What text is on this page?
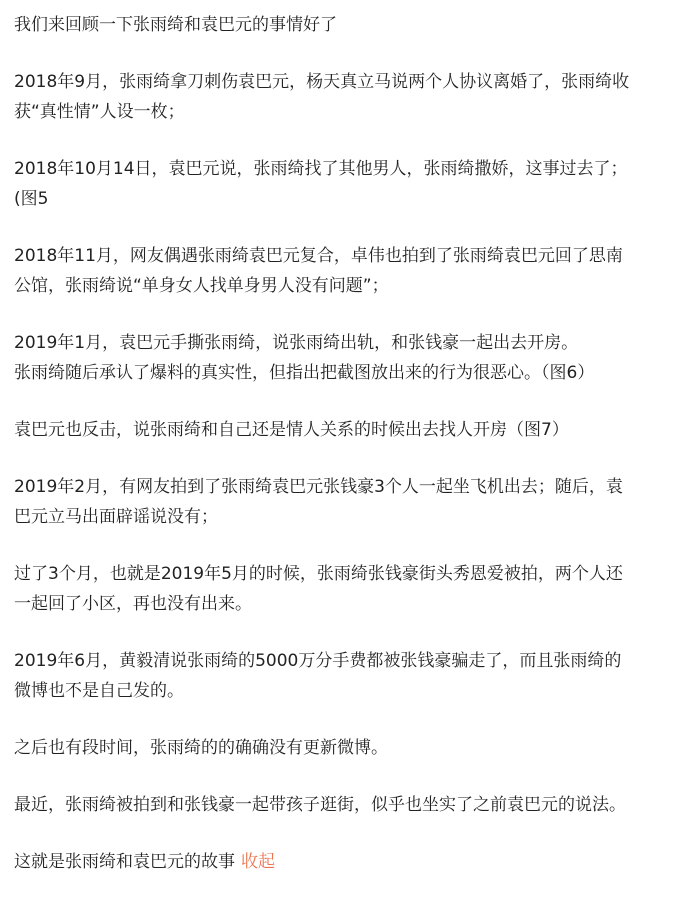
我们来回顾一下张雨绮和袁巴元的事情好了

2018年9月，张雨绮拿刀刺伤袁巴元，杨天真立马说两个人协议离婚了，张雨绮收
获“真性情”人设一枚；

2018年10月14日，袁巴元说，张雨绮找了其他男人，张雨绮撒娇，这事过去了；
(图5

2018年11月，网友偶遇张雨绮袁巴元复合，卓伟也拍到了张雨绮袁巴元回了思南
公馆，张雨绮说“单身女人找单身男人没有问题”；

2019年1月，袁巴元手撕张雨绮，说张雨绮出轨，和张钱豪一起出去开房。
张雨绮随后承认了爆料的真实性，但指出把截图放出来的行为很恶心。（图6）

袁巴元也反击，说张雨绮和自己还是情人关系的时候出去找人开房（图7）

2019年2月，有网友拍到了张雨绮袁巴元张钱豪3个人一起坐飞机出去；随后，袁
巴元立马出面辟谣说没有；

过了3个月，也就是2019年5月的时候，张雨绮张钱豪街头秀恩爱被拍，两个人还
一起回了小区，再也没有出来。

2019年6月，黄毅清说张雨绮的5000万分手费都被张钱豪骗走了，而且张雨绮的
微博也不是自己发的。

之后也有段时间，张雨绮的的确确没有更新微博。

最近，张雨绮被拍到和张钱豪一起带孩子逛街，似乎也坐实了之前袁巴元的说法。

这就是张雨绮和袁巴元的故事 收起
